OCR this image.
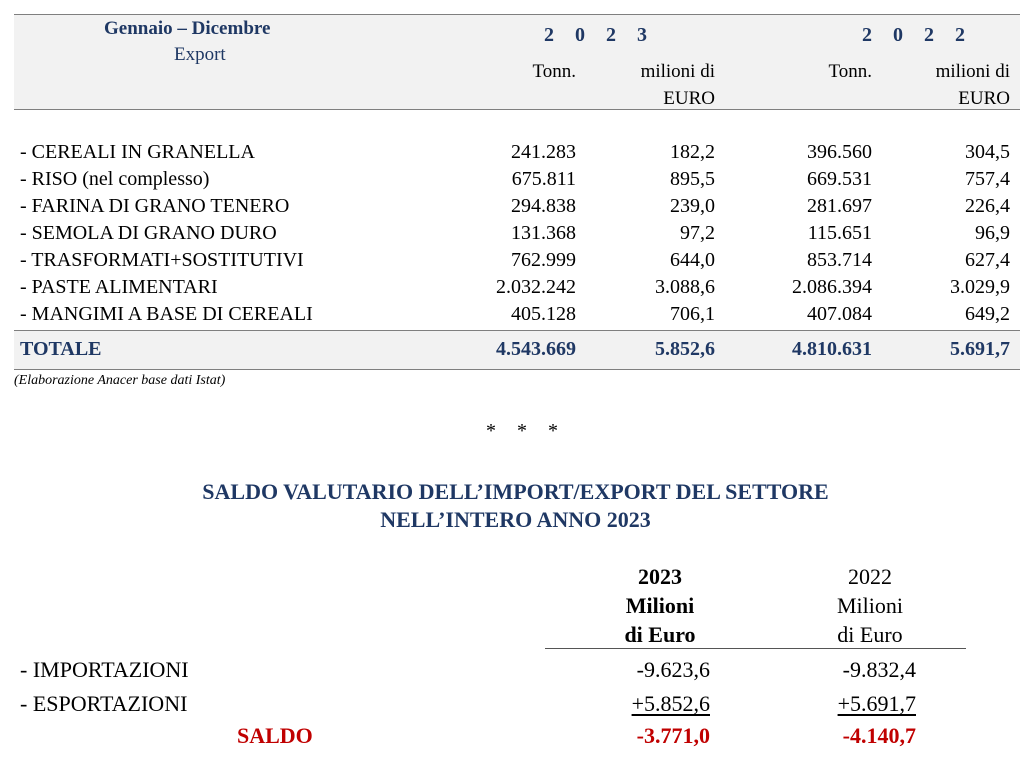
Gennaio – Dicembre
Export
2 0 2 3	2 0 2 2
Tonn.	milioni di
EURO
Tonn.	milioni di
EURO
- CEREALI IN GRANELLA	241.283	182,2	396.560	304,5
- RISO (nel complesso)	675.811	895,5	669.531	757,4
- FARINA DI GRANO TENERO	294.838	239,0	281.697	226,4
- SEMOLA DI GRANO DURO	131.368	97,2	115.651	96,9
- TRASFORMATI+SOSTITUTIVI	762.999	644,0	853.714	627,4
- PASTE ALIMENTARI	2.032.242	3.088,6	2.086.394	3.029,9
- MANGIMI A BASE DI CEREALI	405.128	706,1	407.084	649,2
TOTALE	4.543.669	5.852,6	4.810.631	5.691,7
(Elaborazione Anacer base dati Istat)
* * *
SALDO VALUTARIO DELL’IMPORT/EXPORT DEL SETTORE
NELL’INTERO ANNO 2023
2023
Milioni
di Euro
2022
Milioni
di Euro
- IMPORTAZIONI	-9.623,6	-9.832,4
- ESPORTAZIONI	+5.852,6	+5.691,7
SALDO	-3.771,0	-4.140,7
